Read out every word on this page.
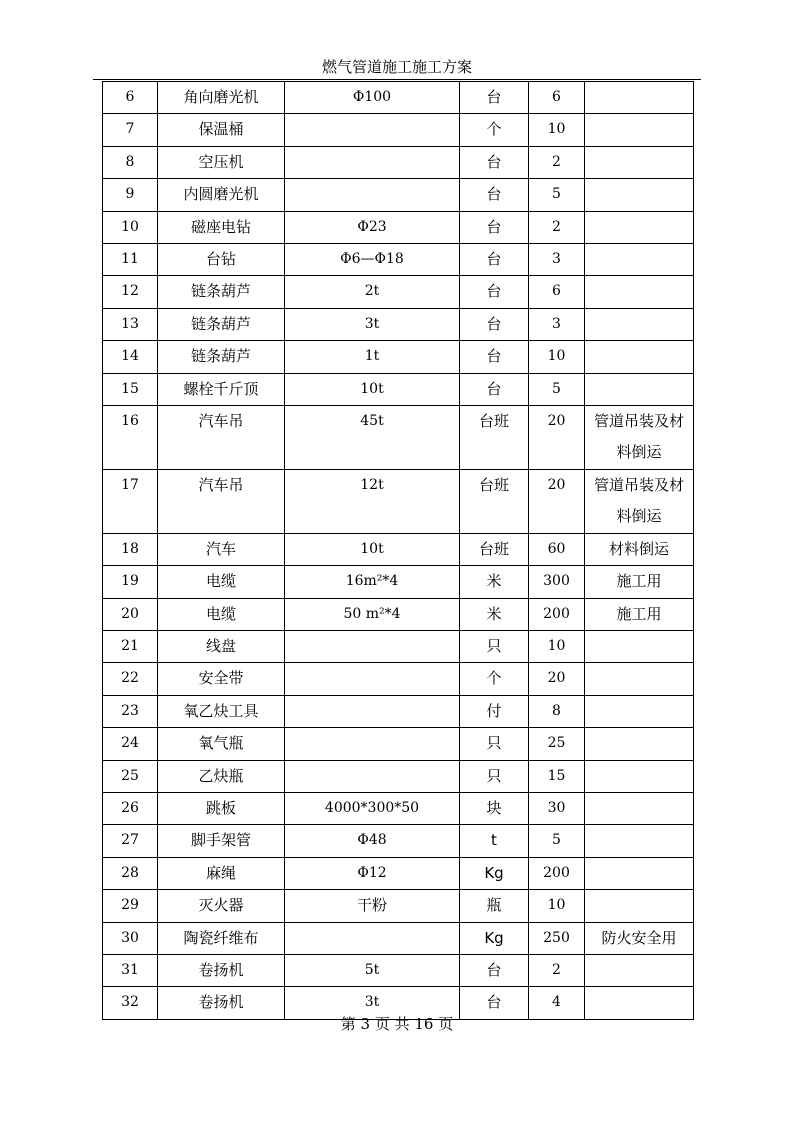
燃气管道施工施工方案
6	角向磨光机	Φ100	台	6	
7	保温桶		个	10	
8	空压机		台	2	
9	内圆磨光机		台	5	
10	磁座电钻	Φ23	台	2	
11	台钻	Φ6—Φ18	台	3	
12	链条葫芦	2t	台	6	
13	链条葫芦	3t	台	3	
14	链条葫芦	1t	台	10	
15	螺栓千斤顶	10t	台	5	
16	汽车吊	45t	台班	20	管道吊装及材料倒运
17	汽车吊	12t	台班	20	管道吊装及材料倒运
18	汽车	10t	台班	60	材料倒运
19	电缆	16m²*4	米	300	施工用
20	电缆	50 m²*4	米	200	施工用
21	线盘		只	10	
22	安全带		个	20	
23	氧乙炔工具		付	8	
24	氧气瓶		只	25	
25	乙炔瓶		只	15	
26	跳板	4000*300*50	块	30	
27	脚手架管	Φ48	t	5	
28	麻绳	Φ12	Kg	200	
29	灭火器	干粉	瓶	10	
30	陶瓷纤维布		Kg	250	防火安全用
31	卷扬机	5t	台	2	
32	卷扬机	3t	台	4	
第 3 页 共 16 页
